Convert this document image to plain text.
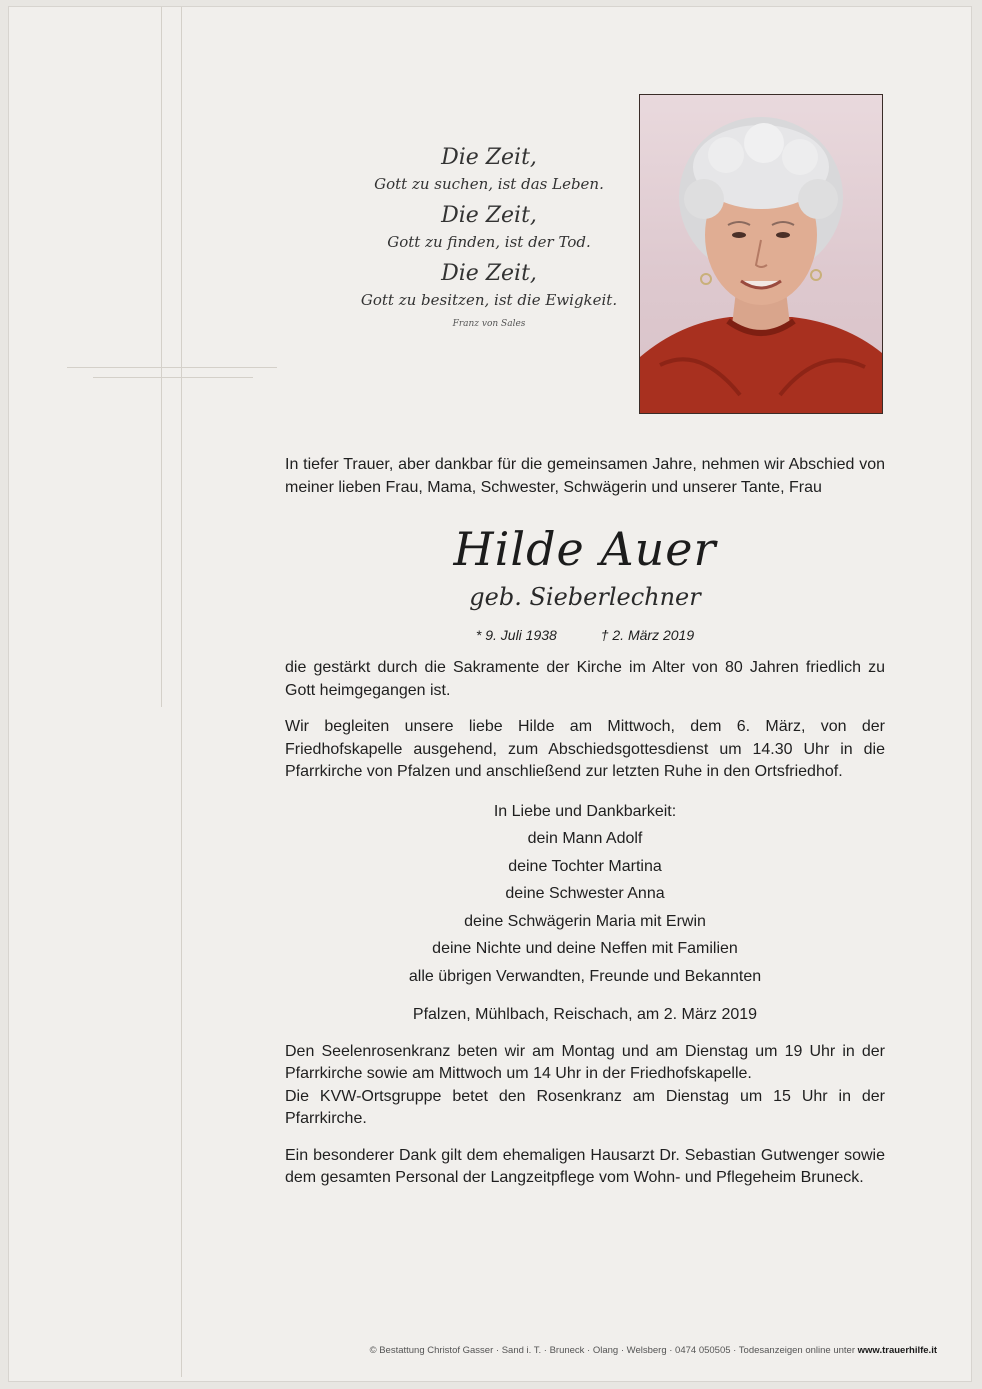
Die Zeit,
Gott zu suchen, ist das Leben.
Die Zeit,
Gott zu finden, ist der Tod.
Die Zeit,
Gott zu besitzen, ist die Ewigkeit.
Franz von Sales
In tiefer Trauer, aber dankbar für die gemeinsamen Jahre, nehmen wir Abschied von meiner lieben Frau, Mama, Schwester, Schwägerin und unserer Tante, Frau
Hilde Auer
geb. Sieberlechner
* 9. Juli 1938	† 2. März 2019
die gestärkt durch die Sakramente der Kirche im Alter von 80 Jahren friedlich zu Gott heimgegangen ist.
Wir begleiten unsere liebe Hilde am Mittwoch, dem 6. März, von der Friedhofskapelle ausgehend, zum Abschiedsgottesdienst um 14.30 Uhr in die Pfarrkirche von Pfalzen und anschließend zur letzten Ruhe in den Ortsfriedhof.
In Liebe und Dankbarkeit:
dein Mann Adolf
deine Tochter Martina
deine Schwester Anna
deine Schwägerin Maria mit Erwin
deine Nichte und deine Neffen mit Familien
alle übrigen Verwandten, Freunde und Bekannten
Pfalzen, Mühlbach, Reischach, am 2. März 2019
Den Seelenrosenkranz beten wir am Montag und am Dienstag um 19 Uhr in der Pfarrkirche sowie am Mittwoch um 14 Uhr in der Friedhofskapelle.
Die KVW-Ortsgruppe betet den Rosenkranz am Dienstag um 15 Uhr in der Pfarrkirche.
Ein besonderer Dank gilt dem ehemaligen Hausarzt Dr. Sebastian Gutwenger sowie dem gesamten Personal der Langzeitpflege vom Wohn- und Pflegeheim Bruneck.
© Bestattung Christof Gasser · Sand i. T. · Bruneck · Olang · Welsberg · 0474 050505 · Todesanzeigen online unter www.trauerhilfe.it
